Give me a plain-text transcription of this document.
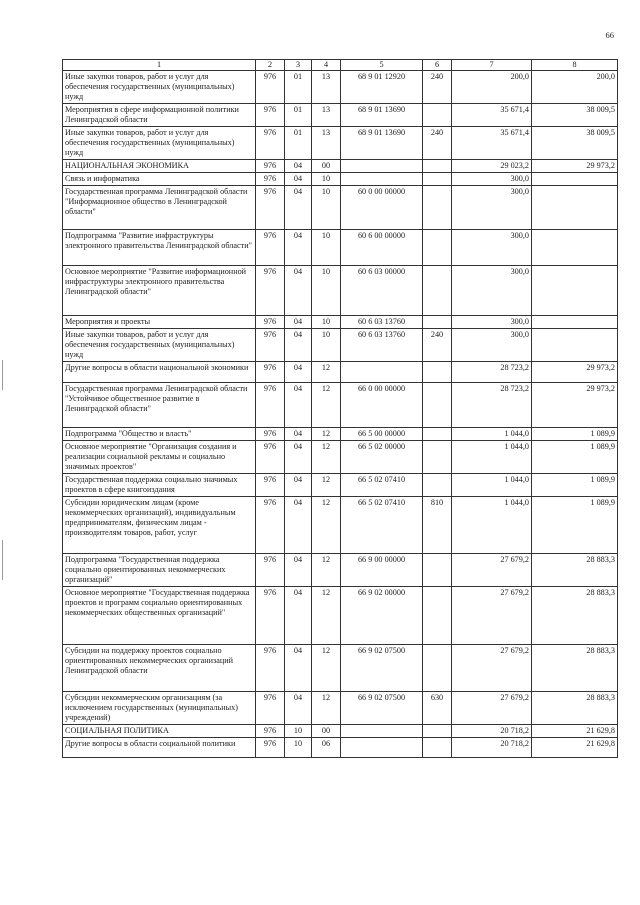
66
1	2	3	4	5	6	7	8
Иные закупки товаров, работ и услуг для обеспечения государственных (муниципальных) нужд	976	01	13	68 9 01 12920	240	200,0	200,0
Мероприятия в сфере информационной политики Ленинградской области	976	01	13	68 9 01 13690		35 671,4	38 009,5
Иные закупки товаров, работ и услуг для обеспечения государственных (муниципальных) нужд	976	01	13	68 9 01 13690	240	35 671,4	38 009,5
НАЦИОНАЛЬНАЯ ЭКОНОМИКА	976	04	00			29 023,2	29 973,2
Связь и информатика	976	04	10			300,0	
Государственная программа Ленинградской области "Информационное общество в Ленинградской области"	976	04	10	60 0 00 00000		300,0	
Подпрограмма "Развитие инфраструктуры электронного правительства Ленинградской области"	976	04	10	60 6 00 00000		300,0	
Основное мероприятие "Развитие информационной инфраструктуры электронного правительства Ленинградской области"	976	04	10	60 6 03 00000		300,0	
Мероприятия и проекты	976	04	10	60 6 03 13760		300,0	
Иные закупки товаров, работ и услуг для обеспечения государственных (муниципальных) нужд	976	04	10	60 6 03 13760	240	300,0	
Другие вопросы в области национальной экономики	976	04	12			28 723,2	29 973,2
Государственная программа Ленинградской области "Устойчивое общественное развитие в Ленинградской области"	976	04	12	66 0 00 00000		28 723,2	29 973,2
Подпрограмма "Общество и власть"	976	04	12	66 5 00 00000		1 044,0	1 089,9
Основное мероприятие "Организация создания и реализации социальной рекламы и социально значимых проектов"	976	04	12	66 5 02 00000		1 044,0	1 089,9
Государственная поддержка социально значимых проектов в сфере книгоиздания	976	04	12	66 5 02 07410		1 044,0	1 089,9
Субсидии юридическим лицам (кроме некоммерческих организаций), индивидуальным предпринимателям, физическим лицам - производителям товаров, работ, услуг	976	04	12	66 5 02 07410	810	1 044,0	1 089,9
Подпрограмма "Государственная поддержка социально ориентированных некоммерческих организаций"	976	04	12	66 9 00 00000		27 679,2	28 883,3
Основное мероприятие "Государственная поддержка проектов и программ социально ориентированных некоммерческих общественных организаций"	976	04	12	66 9 02 00000		27 679,2	28 883,3
Субсидии на поддержку проектов социально ориентированных некоммерческих организаций Ленинградской области	976	04	12	66 9 02 07500		27 679,2	28 883,3
Субсидии некоммерческим организациям (за исключением государственных (муниципальных) учреждений)	976	04	12	66 9 02 07500	630	27 679,2	28 883,3
СОЦИАЛЬНАЯ ПОЛИТИКА	976	10	00			20 718,2	21 629,8
Другие вопросы в области социальной политики	976	10	06			20 718,2	21 629,8
